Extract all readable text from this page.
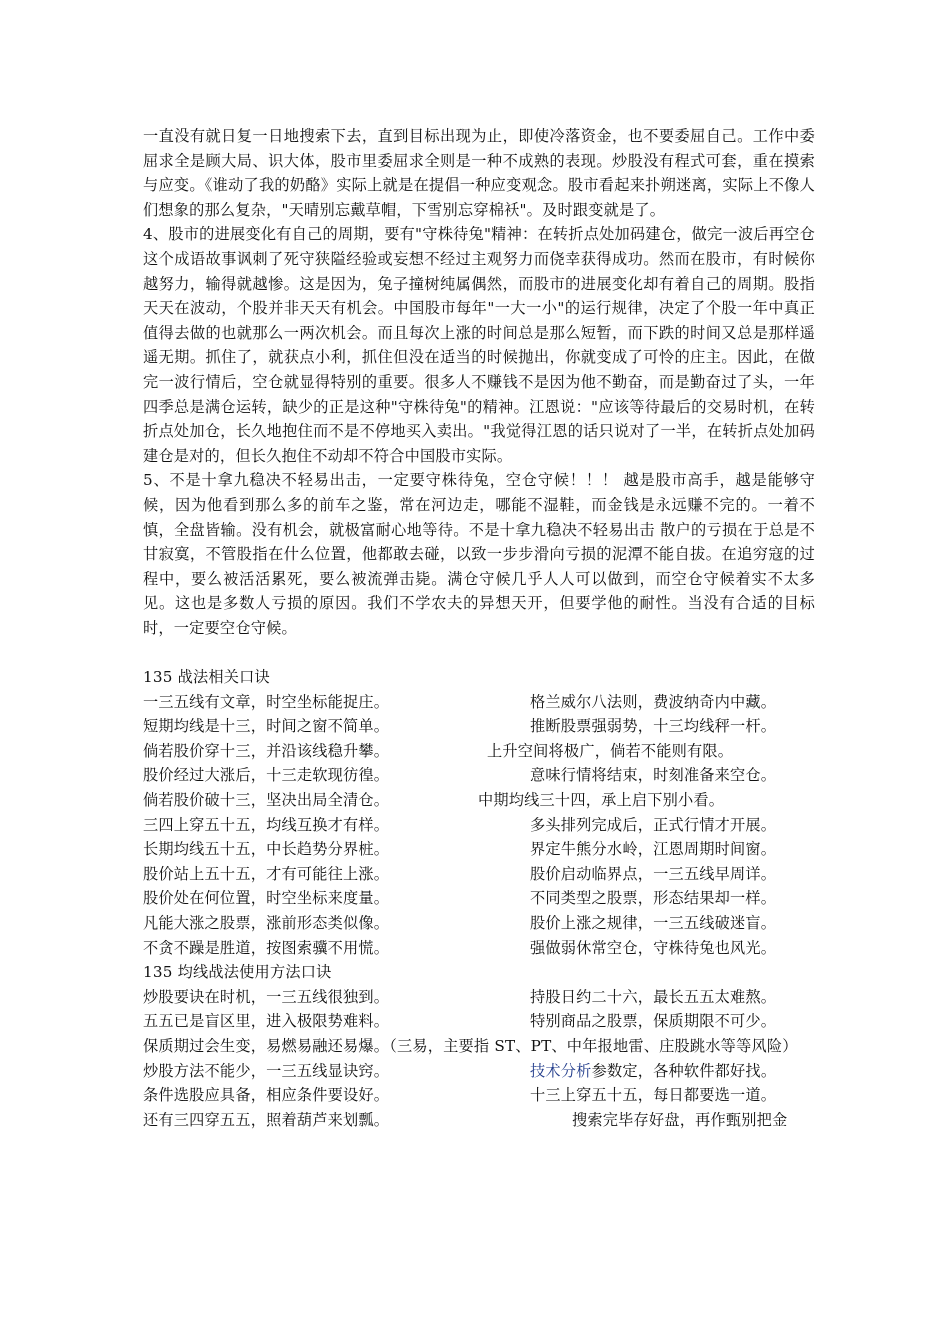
一直没有就日复一日地搜索下去，直到目标出现为止，即使冷落资金，也不要委屈自己。工作中委屈求全是顾大局、识大体，股市里委屈求全则是一种不成熟的表现。炒股没有程式可套，重在摸索与应变。《谁动了我的奶酪》实际上就是在提倡一种应变观念。股市看起来扑朔迷离，实际上不像人们想象的那么复杂，"天晴别忘戴草帽，下雪别忘穿棉袄"。及时跟变就是了。

4、股市的进展变化有自己的周期，要有"守株待兔"精神：在转折点处加码建仓，做完一波后再空仓 这个成语故事讽刺了死守狭隘经验或妄想不经过主观努力而侥幸获得成功。然而在股市，有时候你越努力，输得就越惨。这是因为，兔子撞树纯属偶然，而股市的进展变化却有着自己的周期。股指天天在波动，个股并非天天有机会。中国股市每年"一大一小"的运行规律，决定了个股一年中真正值得去做的也就那么一两次机会。而且每次上涨的时间总是那么短暂，而下跌的时间又总是那样遥遥无期。抓住了，就获点小利，抓住但没在适当的时候抛出，你就变成了可怜的庄主。因此，在做完一波行情后，空仓就显得特别的重要。很多人不赚钱不是因为他不勤奋，而是勤奋过了头，一年四季总是满仓运转，缺少的正是这种"守株待兔"的精神。江恩说："应该等待最后的交易时机，在转折点处加仓，长久地抱住而不是不停地买入卖出。"我觉得江恩的话只说对了一半，在转折点处加码建仓是对的，但长久抱住不动却不符合中国股市实际。

5、不是十拿九稳决不轻易出击，一定要守株待兔，空仓守候！！！ 越是股市高手，越是能够守候，因为他看到那么多的前车之鉴，常在河边走，哪能不湿鞋，而金钱是永远赚不完的。一着不慎，全盘皆输。没有机会，就极富耐心地等待。不是十拿九稳决不轻易出击 散户的亏损在于总是不甘寂寞，不管股指在什么位置，他都敢去碰，以致一步步滑向亏损的泥潭不能自拔。在追穷寇的过程中，要么被活活累死，要么被流弹击毙。满仓守候几乎人人可以做到，而空仓守候着实不太多见。这也是多数人亏损的原因。我们不学农夫的异想天开，但要学他的耐性。当没有合适的目标时，一定要空仓守候。

135 战法相关口诀

一三五线有文章，时空坐标能捉庄。	格兰威尔八法则，费波纳奇内中藏。
短期均线是十三，时间之窗不简单。	推断股票强弱势，十三均线秤一杆。
倘若股价穿十三，并沿该线稳升攀。	上升空间将极广，倘若不能则有限。
股价经过大涨后，十三走软现彷徨。	意味行情将结束，时刻准备来空仓。
倘若股价破十三，坚决出局全清仓。	中期均线三十四，承上启下别小看。
三四上穿五十五，均线互换才有样。	多头排列完成后，正式行情才开展。
长期均线五十五，中长趋势分界桩。	界定牛熊分水岭，江恩周期时间窗。
股价站上五十五，才有可能往上涨。	股价启动临界点，一三五线早周详。
股价处在何位置，时空坐标来度量。	不同类型之股票，形态结果却一样。
凡能大涨之股票，涨前形态类似像。	股价上涨之规律，一三五线破迷盲。
不贪不躁是胜道，按图索骥不用慌。	强做弱休常空仓，守株待兔也风光。

135 均线战法使用方法口诀

炒股要诀在时机，一三五线很独到。	持股日约二十六，最长五五太难熬。
五五已是盲区里，进入极限势难料。	特别商品之股票，保质期限不可少。
保质期过会生变，易燃易融还易爆。（三易，主要指 ST、PT、中年报地雷、庄股跳水等等风险）
炒股方法不能少，一三五线显诀窍。	技术分析参数定，各种软件都好找。
条件选股应具备，相应条件要设好。	十三上穿五十五，每日都要选一道。
还有三四穿五五，照着葫芦来划瓢。	搜索完毕存好盘，再作甄别把金
